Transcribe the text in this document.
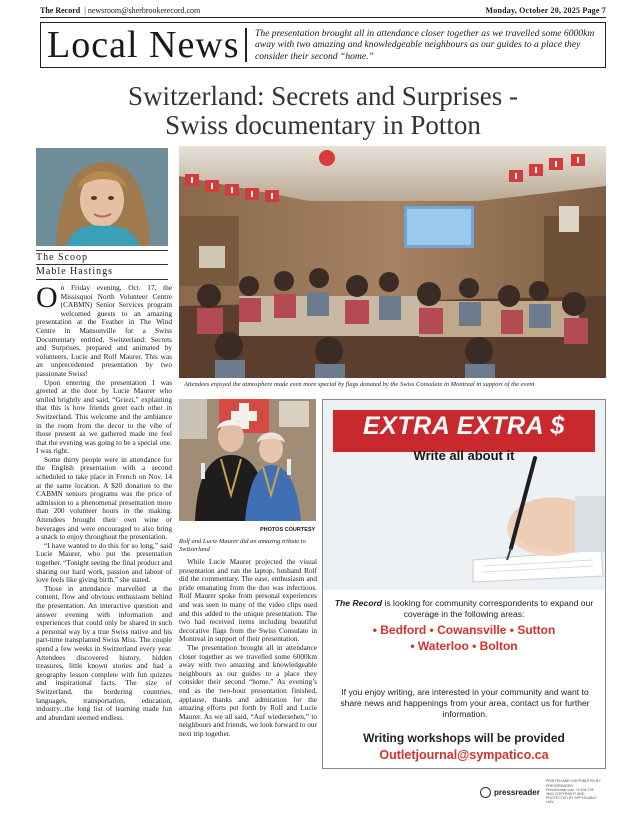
The Record | newsroom@sherbrookerecord.com	Monday, October 20, 2025 Page 7
Local News The presentation brought all in attendance closer together as we travelled some 6000km away with two amazing and knowledgeable neighbours as our guides to a place they consider their second “home.”
Switzerland: Secrets and Surprises -
Swiss documentary in Potton
The Scoop
Mable Hastings

On Friday evening, Oct. 17, the Missisquoi North Volunteer Centre (CABMN) Senior Services program welcomed guests to an amazing presentation at the Feather in The Wind Centre in Mansonville for a Swiss Documentary entitled, Switzerland: Secrets and Surprises, prepared and animated by volunteers, Lucie and Rolf Maurer. This was an unprecedented presentation by two passionate Swiss!

Upon entering the presentation I was greeted at the door by Lucie Maurer who smiled brightly and said, “Griezi,” explaining that this is how friends greet each other in Switzerland. This welcome and the ambiance in the room from the decor to the vibe of those present as we gathered made me feel that the evening was going to be a special one. I was right.

Some thirty people were in attendance for the English presentation with a second scheduled to take place in French on Nov. 14 at the same location. A $20 donation to the CABMN seniors programs was the price of admission to a phenomenal presentation more than 200 volunteer hours in the making. Attendees brought their own wine or beverages and were encouraged to also bring a snack to enjoy throughout the presentation.

“I have wanted to do this for so long,” said Lucie Maurer, who put the presentation together. “Tonight seeing the final product and sharing our hard work, passion and labour of love feels like giving birth,” she stated.

Those in attendance marvelled at the content, flow and obvious enthusiasm behind the presentation. An interactive question and answer evening with information and experiences that could only be shared in such a personal way by a true Swiss native and his part-time transplanted Swiss Miss. The couple spend a few weeks in Switzerland every year. Attendees discovered history, hidden treasures, little known stories and had a geography lesson complete with fun quizzes and inspirational facts. The size of Switzerland, the bordering countries, languages, transportation, education, industry...the long list of learning made fun and abundant seemed endless.

Attendees enjoyed the atmosphere made even more special by flags donated by the Swiss Consulate in Montreal in support of the event
PHOTOS COURTESY
Rolf and Lucie Maurer did an amazing tribute to Switzerland

While Lucie Maurer projected the visual presentation and ran the laptop, husband Rolf did the commentary. The ease, enthusiasm and pride emanating from the duo was infectious. Rolf Maurer spoke from personal experiences and was seen in many of the video clips used and this added to the unique presentation. The two had received items including beautiful decorative flags from the Swiss Consulate in Montreal in support of their presentation.

The presentation brought all in attendance closer together as we travelled some 6000km away with two amazing and knowledgeable neighbours as our guides to a place they consider their second “home.” As evening’s end as the two-hour presentation finished, applause, thanks and admiration for the amazing efforts put forth by Rolf and Lucie Maurer. As we all said, “Auf wiedersehen,” to neighbours and friends, we look forward to our next trip together.

EXTRA EXTRA $
Write all about it
The Record is looking for community correspondents to expand our coverage in the following areas:
• Bedford • Cowansville • Sutton
• Waterloo • Bolton
If you enjoy writing, are interested in your community and want to share news and happenings from your area, contact us for further information.
Writing workshops will be provided
Outletjournal@sympatico.ca
pressreader
PRINTED AND DISTRIBUTED BY PRESSREADER PressReader.com +1 604 278 4604 COPYRIGHT AND PROTECTED BY APPLICABLE LAW
